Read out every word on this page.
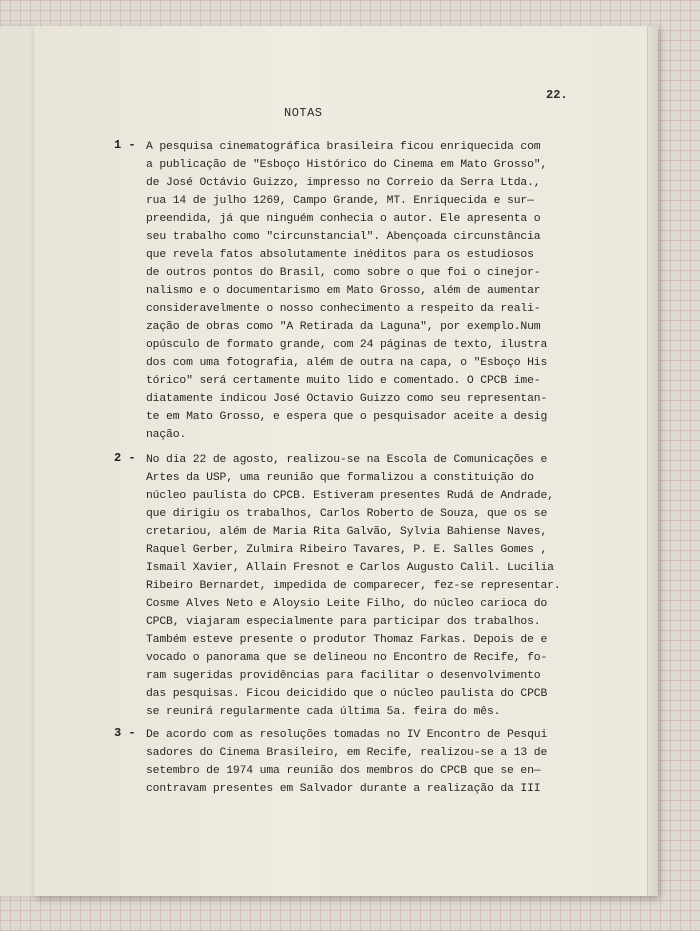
22.
NOTAS
1 - A pesquisa cinematográfica brasileira ficou enriquecida com
a publicação de "Esboço Histórico do Cinema em Mato Grosso",
de José Octávio Guizzo, impresso no Correio da Serra Ltda.,
rua 14 de julho 1269, Campo Grande, MT. Enriquecida e sur—
preendida, já que ninguém conhecia o autor. Ele apresenta o
seu trabalho como "circunstancial". Abençoada circunstância
que revela fatos absolutamente inéditos para os estudiosos
de outros pontos do Brasil, como sobre o que foi o cinejor-
nalismo e o documentarismo em Mato Grosso, além de aumentar
consideravelmente o nosso conhecimento a respeito da reali-
zação de obras como "A Retirada da Laguna", por exemplo.Num
opúsculo de formato grande, com 24 páginas de texto, ilustra
dos com uma fotografia, além de outra na capa, o "Esboço His
tórico" será certamente muito lido e comentado. O CPCB ime-
diatamente indicou José Octavio Guizzo como seu representan-
te em Mato Grosso, e espera que o pesquisador aceite a desig
nação.
2 - No dia 22 de agosto, realizou-se na Escola de Comunicações e
Artes da USP, uma reunião que formalizou a constituição do
núcleo paulista do CPCB. Estiveram presentes Rudá de Andrade,
que dirigiu os trabalhos, Carlos Roberto de Souza, que os se
cretariou, além de Maria Rita Galvão, Sylvia Bahiense Naves,
Raquel Gerber, Zulmira Ribeiro Tavares, P. E. Salles Gomes ,
Ismail Xavier, Allain Fresnot e Carlos Augusto Calil. Lucilia
Ribeiro Bernardet, impedida de comparecer, fez-se representar.
Cosme Alves Neto e Aloysio Leite Filho, do núcleo carioca do
CPCB, viajaram especialmente para participar dos trabalhos.
Também esteve presente o produtor Thomaz Farkas. Depois de e
vocado o panorama que se delineou no Encontro de Recife, fo-
ram sugeridas providências para facilitar o desenvolvimento
das pesquisas. Ficou deicidido que o núcleo paulista do CPCB
se reunirá regularmente cada última 5a. feira do mês.
3 - De acordo com as resoluções tomadas no IV Encontro de Pesqui
sadores do Cinema Brasileiro, em Recife, realizou-se a 13 de
setembro de 1974 uma reunião dos membros do CPCB que se en—
contravam presentes em Salvador durante a realização da III
